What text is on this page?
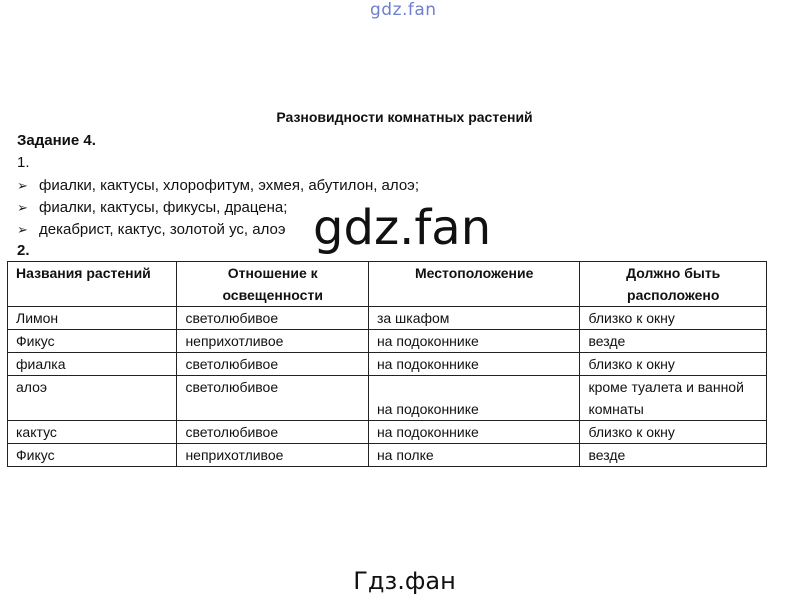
gdz.fan
Разновидности комнатных растений
Задание 4.
1.
➢ фиалки, кактусы, хлорофитум, эхмея, абутилон, алоэ;
➢ фиалки, кактусы, фикусы, драцена;
➢ декабрист, кактус, золотой ус, алоэ gdz.fan
2.
Названия растений	Отношение к освещенности	Местоположение	Должно быть расположено
Лимон	светолюбивое	за шкафом	близко к окну
Фикус	неприхотливое	на подоконнике	везде
фиалка	светолюбивое	на подоконнике	близко к окну
алоэ	светолюбивое	на подоконнике	кроме туалета и ванной комнаты
кактус	светолюбивое	на подоконнике	близко к окну
Фикус	неприхотливое	на полке	везде
Гдз.фан
